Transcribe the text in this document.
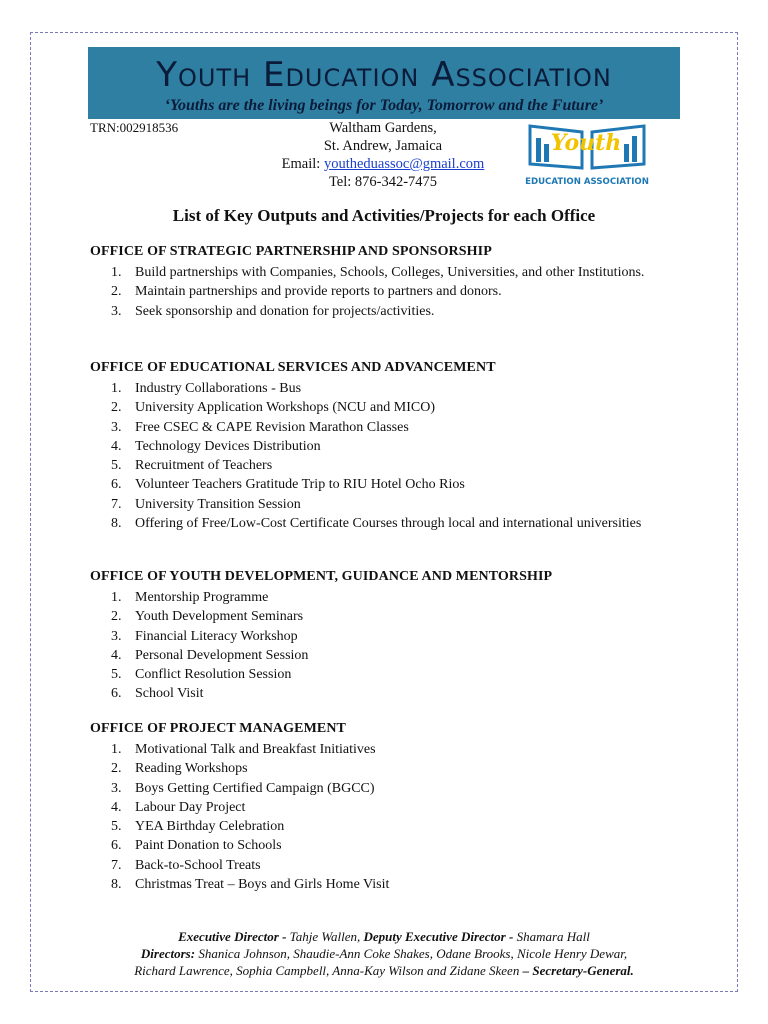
Youth Education Association
‘Youths are the living beings for Today, Tomorrow and the Future’
TRN:002918536	Waltham Gardens,
St. Andrew, Jamaica
Email: youtheduassoc@gmail.com
Tel: 876-342-7475
Youth
EDUCATION ASSOCIATION
List of Key Outputs and Activities/Projects for each Office
OFFICE OF STRATEGIC PARTNERSHIP AND SPONSORSHIP
1. Build partnerships with Companies, Schools, Colleges, Universities, and other Institutions.
2. Maintain partnerships and provide reports to partners and donors.
3. Seek sponsorship and donation for projects/activities.
OFFICE OF EDUCATIONAL SERVICES AND ADVANCEMENT
1. Industry Collaborations - Bus
2. University Application Workshops (NCU and MICO)
3. Free CSEC & CAPE Revision Marathon Classes
4. Technology Devices Distribution
5. Recruitment of Teachers
6. Volunteer Teachers Gratitude Trip to RIU Hotel Ocho Rios
7. University Transition Session
8. Offering of Free/Low-Cost Certificate Courses through local and international universities
OFFICE OF YOUTH DEVELOPMENT, GUIDANCE AND MENTORSHIP
1. Mentorship Programme
2. Youth Development Seminars
3. Financial Literacy Workshop
4. Personal Development Session
5. Conflict Resolution Session
6. School Visit
OFFICE OF PROJECT MANAGEMENT
1. Motivational Talk and Breakfast Initiatives
2. Reading Workshops
3. Boys Getting Certified Campaign (BGCC)
4. Labour Day Project
5. YEA Birthday Celebration
6. Paint Donation to Schools
7. Back-to-School Treats
8. Christmas Treat – Boys and Girls Home Visit
Executive Director - Tahje Wallen, Deputy Executive Director - Shamara Hall
Directors: Shanica Johnson, Shaudie-Ann Coke Shakes, Odane Brooks, Nicole Henry Dewar,
Richard Lawrence, Sophia Campbell, Anna-Kay Wilson and Zidane Skeen – Secretary-General.
